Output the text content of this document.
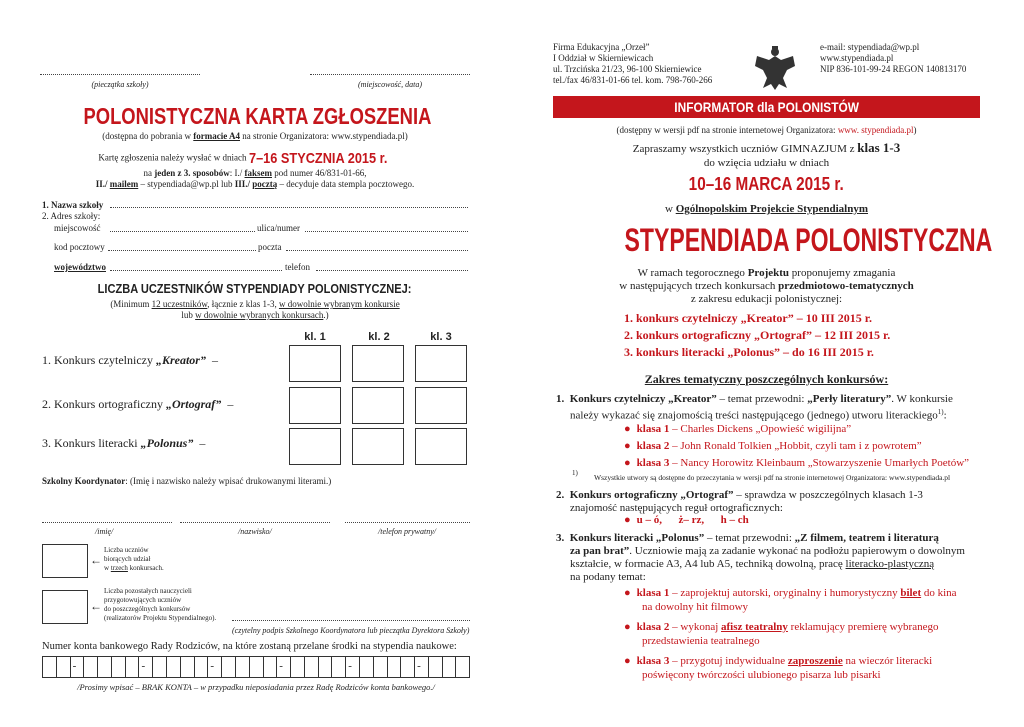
(pieczątka szkoły)	(miejscowość, data)
POLONISTYCZNA KARTA ZGŁOSZENIA
(dostępna do pobrania w formacie A4 na stronie Organizatora: www.stypendiada.pl)
Kartę zgłoszenia należy wysłać w dniach 7–16 STYCZNIA 2015 r.
na jeden z 3. sposobów: I./ faksem pod numer 46/831-01-66,
II./ mailem – stypendiada@wp.pl lub III./ pocztą – decyduje data stempla pocztowego.
1. Nazwa szkoły
2. Adres szkoły:
miejscowość	ulica/numer
kod pocztowy	poczta
województwo	telefon
LICZBA UCZESTNIKÓW STYPENDIADY POLONISTYCZNEJ:
(Minimum 12 uczestników, łącznie z klas 1-3, w dowolnie wybranym konkursie
lub w dowolnie wybranych konkursach.)
kl. 1	kl. 2	kl. 3
1. Konkurs czytelniczy „Kreator” –
2. Konkurs ortograficzny „Ortograf” –
3. Konkurs literacki „Polonus” –
Szkolny Koordynator: (Imię i nazwisko należy wpisać drukowanymi literami.)
/imię/	/nazwisko/	/telefon prywatny/
←
Liczba uczniów
biorących udział
w trzech konkursach.
←
Liczba pozostałych nauczycieli
przygotowujących uczniów
do poszczególnych konkursów
(realizatorów Projektu Stypendialnego).
(czytelny podpis Szkolnego Koordynatora lub pieczątka Dyrektora Szkoły)
Numer konta bankowego Rady Rodziców, na które zostaną przelane środki na stypendia naukowe:
-
-
-
-
-
-
/Prosimy wpisać – BRAK KONTA – w przypadku nieposiadania przez Radę Rodziców konta bankowego./
Firma Edukacyjna „Orzeł”
I Oddział w Skierniewicach
ul. Trzcińska 21/23, 96-100 Skierniewice
tel./fax 46/831-01-66 tel. kom. 798-760-266
e-mail: stypendiada@wp.pl
www.stypendiada.pl
NIP 836-101-99-24 REGON 140813170
INFORMATOR dla POLONISTÓW
(dostępny w wersji pdf na stronie internetowej Organizatora: www. stypendiada.pl)
Zapraszamy wszystkich uczniów GIMNAZJUM z klas 1-3
do wzięcia udziału w dniach
10–16 MARCA 2015 r.
w Ogólnopolskim Projekcie Stypendialnym
STYPENDIADA POLONISTYCZNA
W ramach tegorocznego Projektu proponujemy zmagania
w następujących trzech konkursach przedmiotowo-tematycznych
z zakresu edukacji polonistycznej:
1. konkurs czytelniczy „Kreator” – 10 III 2015 r.
2. konkurs ortograficzny „Ortograf” – 12 III 2015 r.
3. konkurs literacki „Polonus” – do 16 III 2015 r.
Zakres tematyczny poszczególnych konkursów:
1. Konkurs czytelniczy „Kreator” – temat przewodni: „Perły literatury”. W konkursie
należy wykazać się znajomością treści następującego (jednego) utworu literackiego$^{1)}$:
● klasa 1 – Charles Dickens „Opowieść wigilijna”
● klasa 2 – John Ronald Tolkien „Hobbit, czyli tam i z powrotem”
● klasa 3 – Nancy Horowitz Kleinbaum „Stowarzyszenie Umarłych Poetów”
1) Wszystkie utwory są dostępne do przeczytania w wersji pdf na stronie internetowej Organizatora: www.stypendiada.pl
2. Konkurs ortograficzny „Ortograf” – sprawdza w poszczególnych klasach 1-3
znajomość następujących reguł ortograficznych:
● u – ó,      ż– rz,      h – ch
3. Konkurs literacki „Polonus” – temat przewodni: „Z filmem, teatrem i literaturą
za pan brat”. Uczniowie mają za zadanie wykonać na podłożu papierowym o dowolnym
kształcie, w formacie A3, A4 lub A5, techniką dowolną, pracę literacko-plastyczną
na podany temat:
● klasa 1 – zaprojektuj autorski, oryginalny i humorystyczny bilet do kina
na dowolny hit filmowy
● klasa 2 – wykonaj afisz teatralny reklamujący premierę wybranego
przedstawienia teatralnego
● klasa 3 – przygotuj indywidualne zaproszenie na wieczór literacki
poświęcony twórczości ulubionego pisarza lub pisarki
